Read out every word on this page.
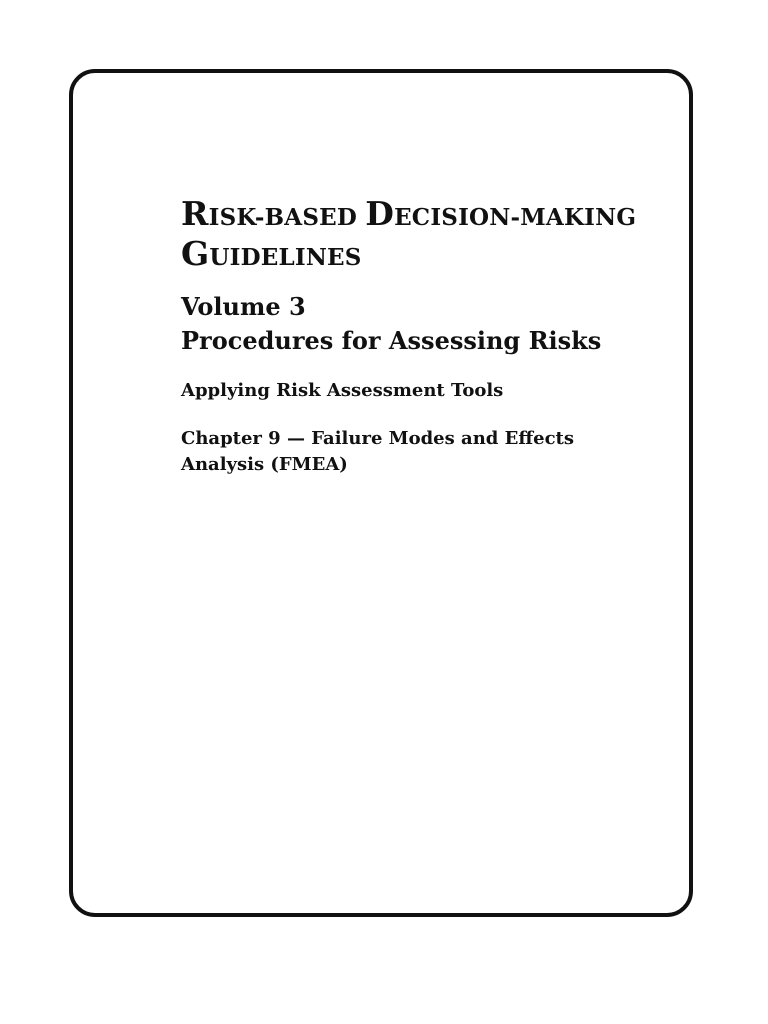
RISK-BASED DECISION-MAKING
GUIDELINES
Volume 3
Procedures for Assessing Risks

Applying Risk Assessment Tools

Chapter 9 — Failure Modes and Effects
Analysis (FMEA)
